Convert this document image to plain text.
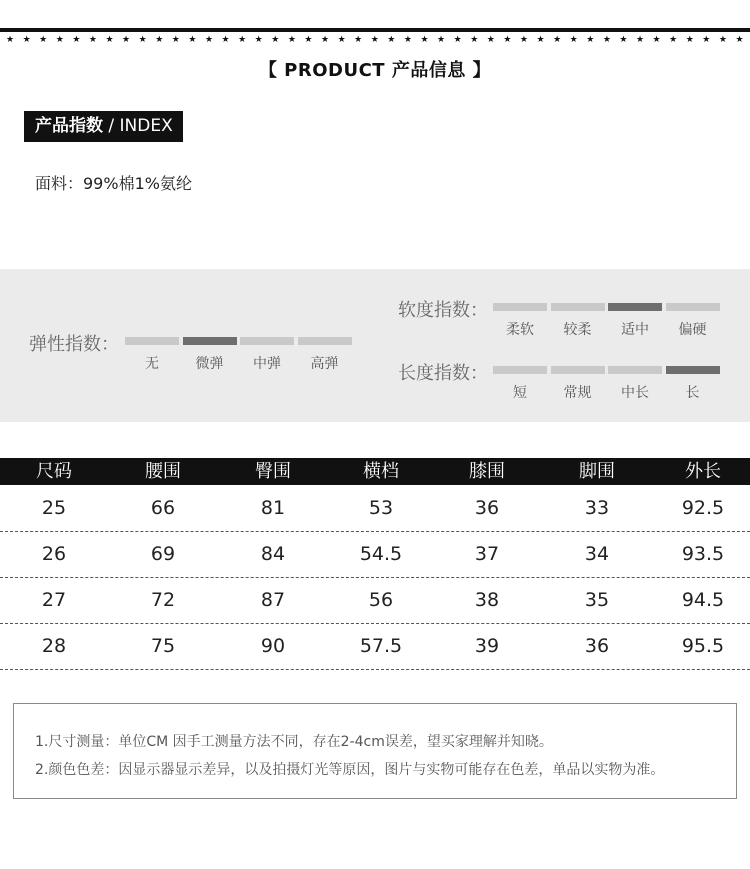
★ ★ ★ ★ ★ ★ ★ ★ ★ ★ ★ ★ ★ ★ ★ ★ ★ ★ ★ ★ ★ ★ ★ ★ ★ ★ ★ ★ ★ ★ ★ ★ ★ ★ ★ ★ ★ ★ ★ ★ ★ ★ ★ ★ ★
【 PRODUCT 产品信息 】
产品指数 / INDEX
面料：99%棉1%氨纶
弹性指数：
无	微弹	中弹	高弹
软度指数：
柔软	较柔	适中	偏硬
长度指数：
短	常规	中长	长
尺码	腰围	臀围	横档	膝围	脚围	外长
25	66	81	53	36	33	92.5
26	69	84	54.5	37	34	93.5
27	72	87	56	38	35	94.5
28	75	90	57.5	39	36	95.5
1.尺寸测量：单位CM 因手工测量方法不同，存在2-4cm误差，望买家理解并知晓。
2.颜色色差：因显示器显示差异，以及拍摄灯光等原因，图片与实物可能存在色差，单品以实物为准。
